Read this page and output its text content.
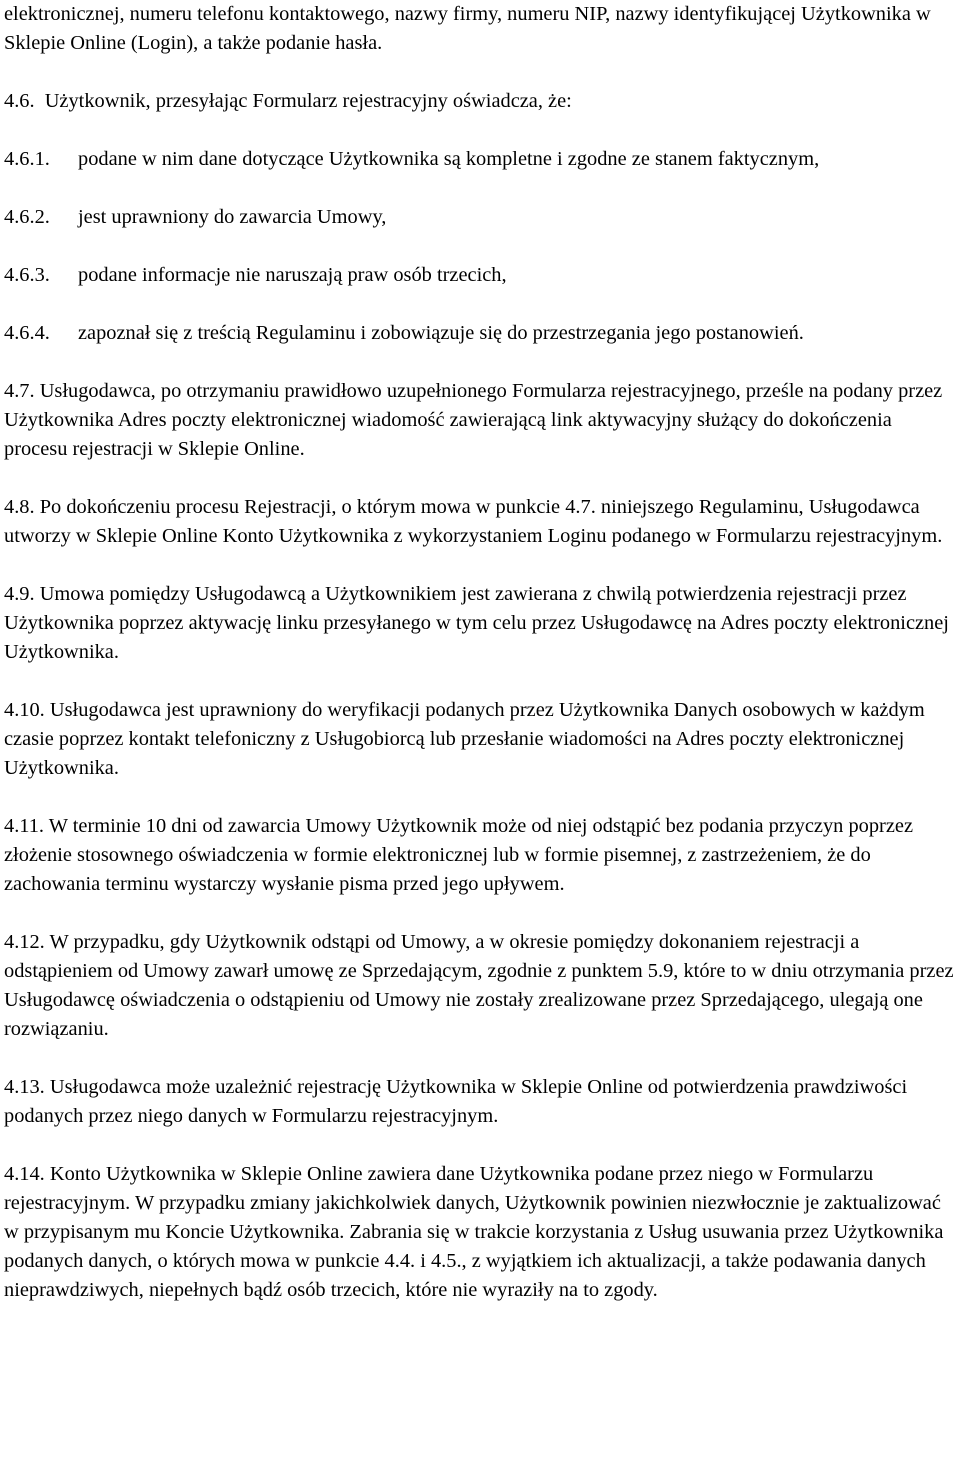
elektronicznej, numeru telefonu kontaktowego, nazwy firmy, numeru NIP, nazwy identyfikującej Użytkownika w Sklepie Online (Login), a także podanie hasła.

4.6. Użytkownik, przesyłając Formularz rejestracyjny oświadcza, że:

4.6.1. podane w nim dane dotyczące Użytkownika są kompletne i zgodne ze stanem faktycznym,

4.6.2. jest uprawniony do zawarcia Umowy,

4.6.3. podane informacje nie naruszają praw osób trzecich,

4.6.4. zapoznał się z treścią Regulaminu i zobowiązuje się do przestrzegania jego postanowień.

4.7. Usługodawca, po otrzymaniu prawidłowo uzupełnionego Formularza rejestracyjnego, prześle na podany przez Użytkownika Adres poczty elektronicznej wiadomość zawierającą link aktywacyjny służący do dokończenia procesu rejestracji w Sklepie Online.

4.8. Po dokończeniu procesu Rejestracji, o którym mowa w punkcie 4.7. niniejszego Regulaminu, Usługodawca utworzy w Sklepie Online Konto Użytkownika z wykorzystaniem Loginu podanego w Formularzu rejestracyjnym.

4.9. Umowa pomiędzy Usługodawcą a Użytkownikiem jest zawierana z chwilą potwierdzenia rejestracji przez Użytkownika poprzez aktywację linku przesyłanego w tym celu przez Usługodawcę na Adres poczty elektronicznej Użytkownika.

4.10. Usługodawca jest uprawniony do weryfikacji podanych przez Użytkownika Danych osobowych w każdym czasie poprzez kontakt telefoniczny z Usługobiorcą lub przesłanie wiadomości na Adres poczty elektronicznej Użytkownika.

4.11. W terminie 10 dni od zawarcia Umowy Użytkownik może od niej odstąpić bez podania przyczyn poprzez złożenie stosownego oświadczenia w formie elektronicznej lub w formie pisemnej, z zastrzeżeniem, że do zachowania terminu wystarczy wysłanie pisma przed jego upływem.

4.12. W przypadku, gdy Użytkownik odstąpi od Umowy, a w okresie pomiędzy dokonaniem rejestracji a odstąpieniem od Umowy zawarł umowę ze Sprzedającym, zgodnie z punktem 5.9, które to w dniu otrzymania przez Usługodawcę oświadczenia o odstąpieniu od Umowy nie zostały zrealizowane przez Sprzedającego, ulegają one rozwiązaniu.

4.13. Usługodawca może uzależnić rejestrację Użytkownika w Sklepie Online od potwierdzenia prawdziwości podanych przez niego danych w Formularzu rejestracyjnym.

4.14. Konto Użytkownika w Sklepie Online zawiera dane Użytkownika podane przez niego w Formularzu rejestracyjnym. W przypadku zmiany jakichkolwiek danych, Użytkownik powinien niezwłocznie je zaktualizować w przypisanym mu Koncie Użytkownika. Zabrania się w trakcie korzystania z Usług usuwania przez Użytkownika podanych danych, o których mowa w punkcie 4.4. i 4.5., z wyjątkiem ich aktualizacji, a także podawania danych nieprawdziwych, niepełnych bądź osób trzecich, które nie wyraziły na to zgody.
